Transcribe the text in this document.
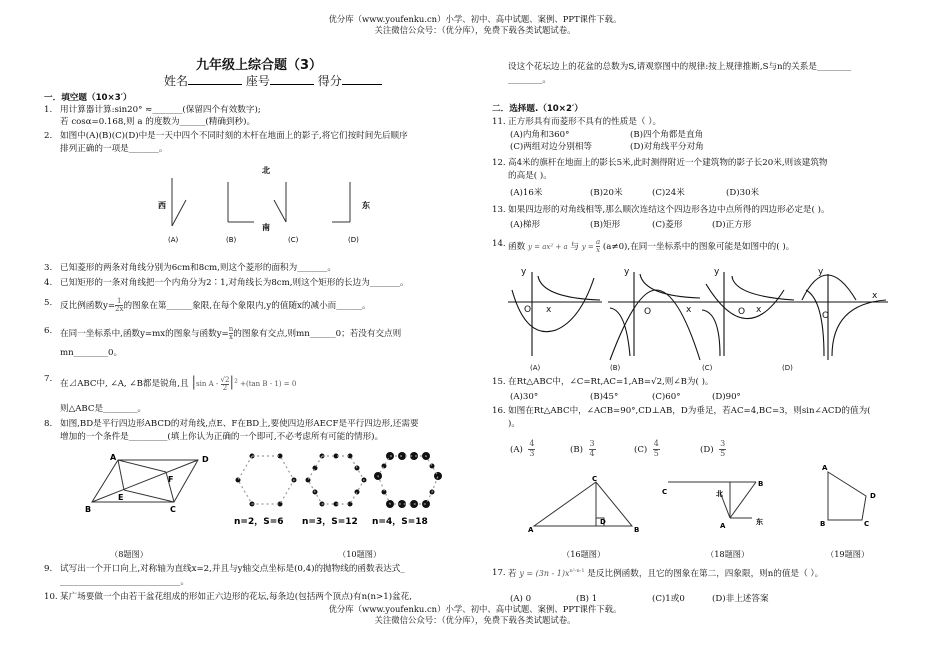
优分库（www.youfenku.cn）小学、初中、高中试题、案例、PPT课件下载。
关注微信公众号：（优分库），免费下载各类试题试卷。
九年级上综合题（3）
姓名	座号	得分
一．填空题（10×3′）
1. 用计算器计算:sin20° ≈_______(保留四个有效数字);
若 cosα=0.168,则 a 的度数为______(精确到秒)。
2. 如图中(A)(B)(C)(D)中是一天中四个不同时刻的木杆在地面上的影子,将它们按时间先后顺序
排列正确的一项是_______。
北
西
南
东
(A)	(B)	(C)	(D)
3. 已知菱形的两条对角线分别为6cm和8cm,则这个菱形的面积为_______。
4. 已知矩形的一条对角线把一个内角分为2∶1,对角线长为8cm,则这个矩形的长边为_______。
5. 反比例函数$y= \frac{1}{2x}$ 的图象在第______象限,在每个象限内,y的值随x的减小而______。
6. 在同一坐标系中,函数y=mx的图象与函数$y= \frac{n}{x}$ 的图象有交点,则mn______0；若没有交点则
mn________0。
7. 在⊿ABC中, ∠A, ∠B都是锐角,且 |sin $A - \frac{√2}{2} |^2 +(\tan$ B - 1) = 0
则△ABC是________。
8. 如图,BD是平行四边形ABCD的对角线,点E、F在BD上,要使四边形AECF是平行四边形,还需要
增加的一个条件是_________(填上你认为正确的一个即可,不必考虑所有可能的情形)。
A	D
F
E
B	C
n=2，S=6 n=3，S=12 n=4，S=18
（8题图）	（10题图）
9. 试写出一个开口向上,对称轴为直线x=2,并且与y轴交点坐标是(0,4)的抛物线的函数表达式_
____________________________。
10. 某广场要做一个由若干盆花组成的形如正六边形的花坛,每条边(包括两个顶点)有n(n>1)盆花,
设这个花坛边上的花盆的总数为S,请观察图中的规律:按上规律推断,S与n的关系是________
________。
二．选择题.（10×2′）
11. 正方形具有而菱形不具有的性质是（ ）。
(A)内角和360°	(B)四个角都是直角
(C)两组对边分别相等	(D)对角线平分对角
12. 高4米的旗杆在地面上的影长5米,此时测得附近一个建筑物的影子长20米,则该建筑物
的高是( )。
(A)16米	(B)20米	(C)24米	(D)30米
13. 如果四边形的对角线相等,那么顺次连结这个四边形各边中点所得的四边形必定是( )。
(A)梯形	(B)矩形	(C)菱形	(D)正方形
14. 函数 y = ax² + a 与 $y = \frac{a}{x} (a\ne 0)$,在同一坐标系中的图象可能是如图中的( )。
y
O x
y
O	x
y
O x
y
O
x
(A)	(B)	(C)	(D)
15. 在Rt△ABC中，∠C=Rt,AC=1,AB=√2,则∠B为( )。
(A)30°	(B)45°	(C)60°	(D)90°
16. 如图在Rt△ABC中，∠ACB=90°,CD⊥AB，D为垂足，若AC=4,BC=3，则sin∠ACD的值为(
)。
$(A) \frac{4}{3}$	$(B) \frac{3}{4}$	$(C) \frac{4}{5}$	$(D) \frac{3}{5}$
C
D
A	B
C
B
A
北
东
A
D
B	C
（16题图）	（18题图）	（19题图）
17. 若 $y = (3n - 1)x^{n^2-n-1}$ 是反比例函数，且它的图象在第二，四象限，则n的值是（ ）。
(A) 0	(B) 1	(C)1或0	(D)非上述答案
优分库（www.youfenku.cn）小学、初中、高中试题、案例、PPT课件下载。
关注微信公众号：（优分库），免费下载各类试题试卷。
